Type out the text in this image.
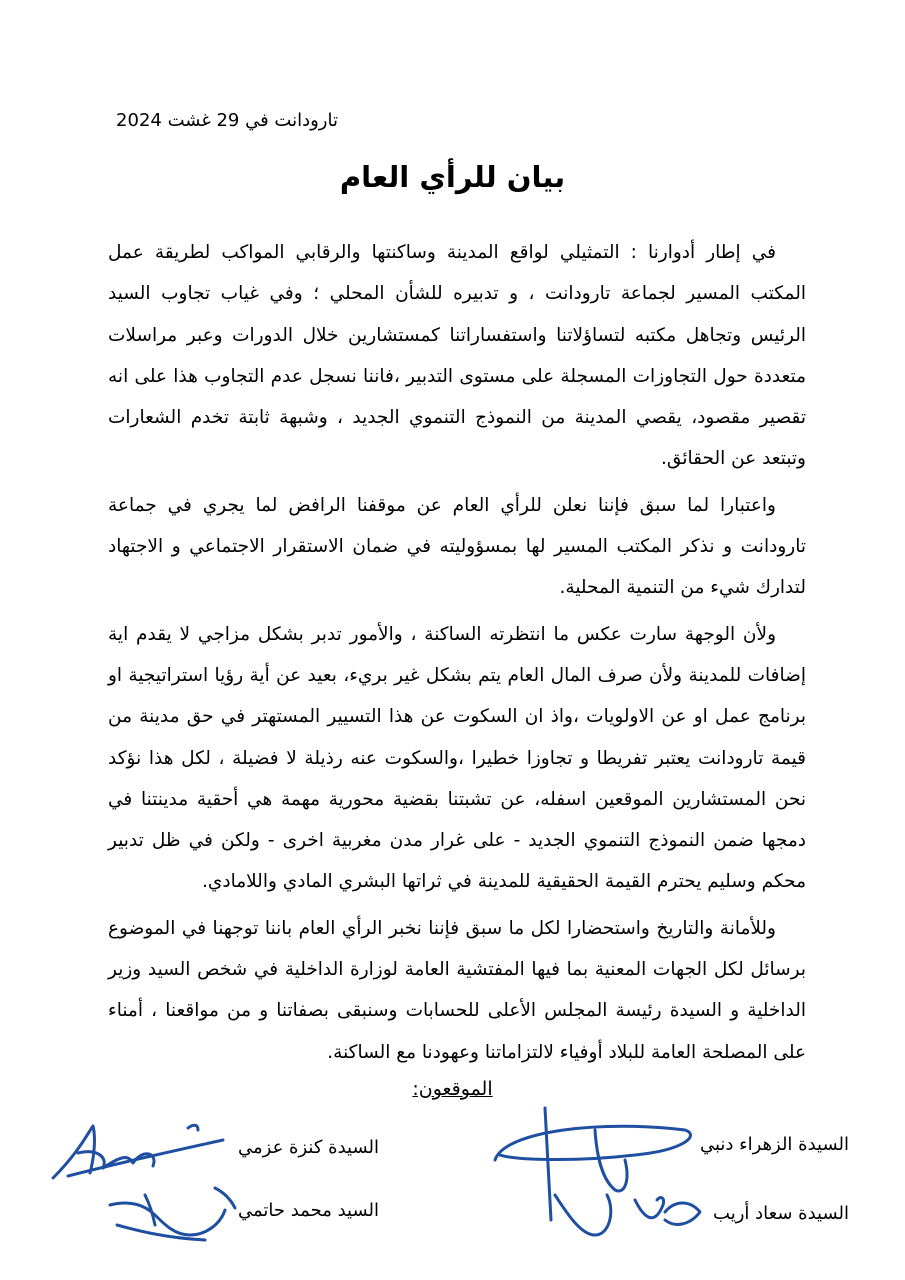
تارودانت في 29 غشت 2024
بيان للرأي العام

في إطار أدوارنا : التمثيلي لواقع المدينة وساكنتها والرقابي المواكب لطريقة عمل المكتب المسير لجماعة تارودانت ، و تدبيره للشأن المحلي ؛ وفي غياب تجاوب السيد الرئيس وتجاهل مكتبه لتساؤلاتنا واستفساراتنا كمستشارين خلال الدورات وعبر مراسلات متعددة حول التجاوزات المسجلة على مستوى التدبير ،فاننا نسجل عدم التجاوب هذا على انه تقصير مقصود، يقصي المدينة من النموذج التنموي الجديد ، وشبهة ثابتة تخدم الشعارات وتبتعد عن الحقائق.

واعتبارا لما سبق فإننا نعلن للرأي العام عن موقفنا الرافض لما يجري في جماعة تارودانت و نذكر المكتب المسير لها بمسؤوليته في ضمان الاستقرار الاجتماعي و الاجتهاد لتدارك شيء من التنمية المحلية.

ولأن الوجهة سارت عكس ما انتظرته الساكنة ، والأمور تدبر بشكل مزاجي لا يقدم اية إضافات للمدينة ولأن صرف المال العام يتم بشكل غير بريء، بعيد عن أية رؤيا استراتيجية او برنامج عمل او عن الاولويات ،واذ ان السكوت عن هذا التسيير المستهتر في حق مدينة من قيمة تارودانت يعتبر تفريطا و تجاوزا خطيرا ،والسكوت عنه رذيلة لا فضيلة ، لكل هذا نؤكد نحن المستشارين الموقعين اسفله، عن تشبتنا بقضية محورية مهمة هي أحقية مدينتنا في دمجها ضمن النموذج التنموي الجديد - على غرار مدن مغربية اخرى - ولكن في ظل تدبير محكم وسليم يحترم القيمة الحقيقية للمدينة في ثراتها البشري المادي واللامادي.

وللأمانة والتاريخ واستحضارا لكل ما سبق فإننا نخبر الرأي العام باننا توجهنا في الموضوع برسائل لكل الجهات المعنية بما فيها المفتشية العامة لوزارة الداخلية في شخص السيد وزير الداخلية و السيدة رئيسة المجلس الأعلى للحسابات وسنبقى بصفاتنا و من مواقعنا ، أمناء على المصلحة العامة للبلاد أوفياء لالتزاماتنا وعهودنا مع الساكنة.

الموقعون:
السيدة الزهراء دنبي
السيدة كنزة عزمي
السيدة سعاد أريب
السيد محمد حاتمي
